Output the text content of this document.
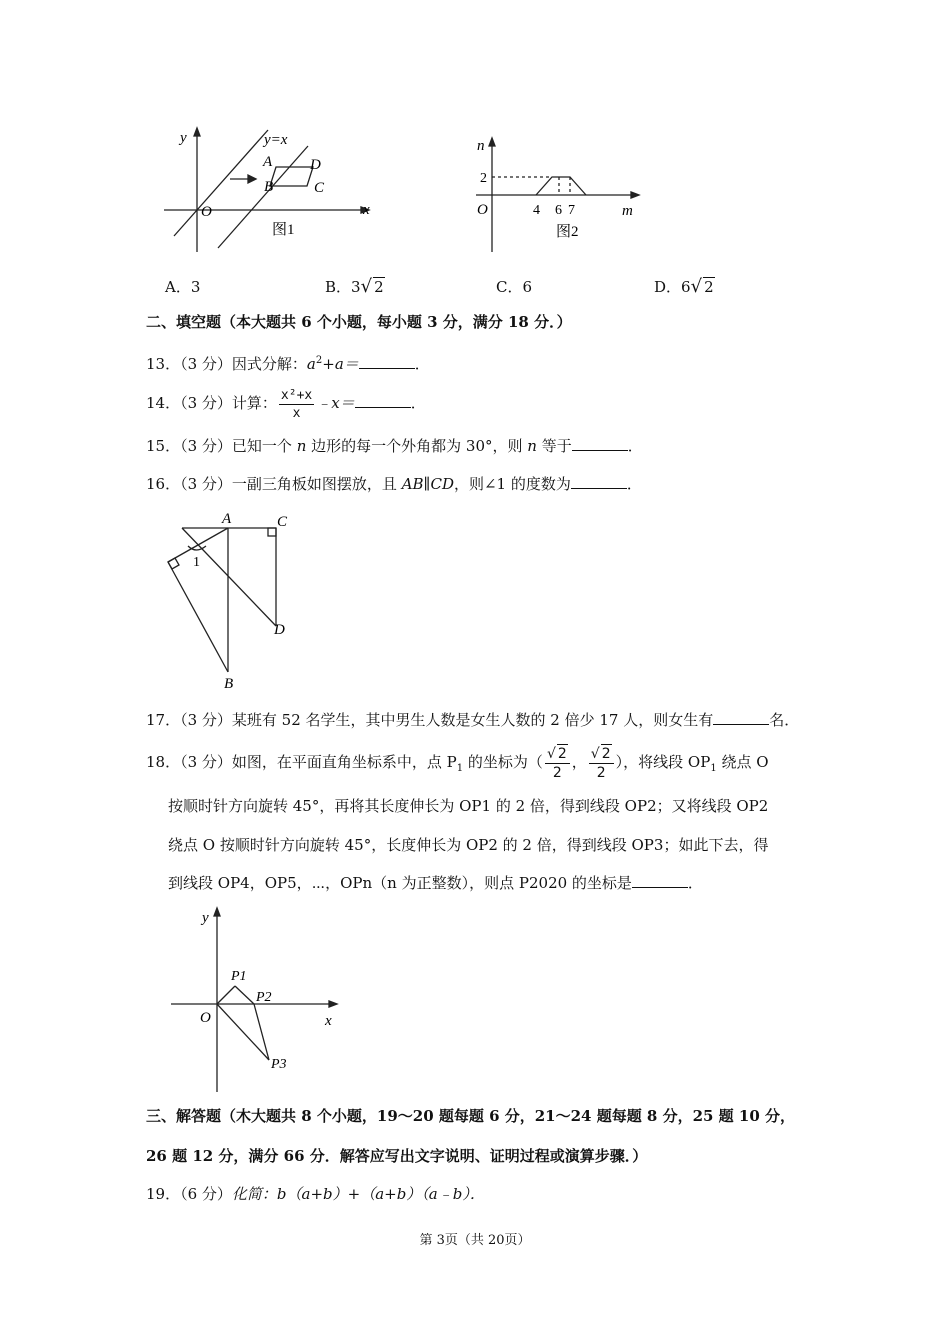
y
x
y=x
O
A	D
B	C
图1
n
m
O
2
4 6 7
图2
A．3	B．3√ 2	C．6	D．6√ 2
二、填空题（本大题共 6 个小题，每小题 3 分，满分 18 分．）
13．（3 分）因式分解：$a^2+a=$	．
14．（3 分）计算： $\frac{\text{x²+x}}{x}$ ﹣x＝	．
15．（3 分）已知一个 n 边形的每一个外角都为 30°，则 n 等于	．
16．（3 分）一副三角板如图摆放，且 AB∥CD，则∠1 的度数为	．
A	C
D
B
1
17．（3 分）某班有 52 名学生，其中男生人数是女生人数的 2 倍少 17 人，则女生有	名．
18．（3 分）如图，在平面直角坐标系中，点 $P_1$ 的坐标为（ $\frac{√ 2}{2}$ ， $\frac{√ 2}{2}$ ），将线段 $OP_1$ 绕点 O
按顺时针方向旋转 45°，再将其长度伸长为 OP1 的 2 倍，得到线段 OP2；又将线段 OP2
绕点 O 按顺时针方向旋转 45°，长度伸长为 OP2 的 2 倍，得到线段 OP3；如此下去，得
到线段 OP4，OP5，⋯，OPn（n 为正整数），则点 P2020 的坐标是	．
y
x
O
P1
P2
P3
三、解答题（木大题共 8 个小题，19～20 题每题 6 分，21～24 题每题 8 分，25 题 10 分，
26 题 12 分，满分 66 分．解答应写出文字说明、证明过程或演算步骤．）
19．（6 分）化简：b（a+b）+（a+b）（a﹣b）．
第 3页（共 20页）
